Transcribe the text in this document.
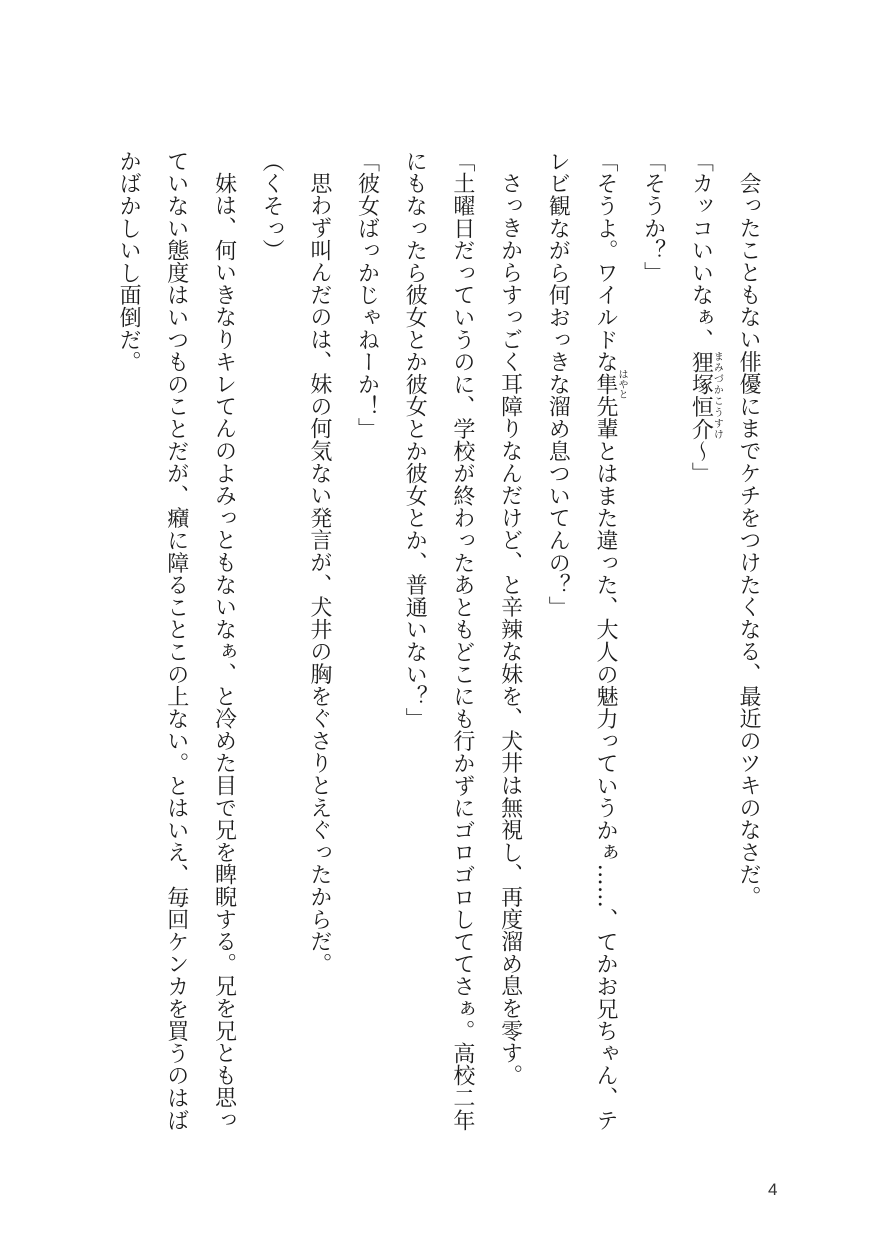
会ったこともない俳優にまでケチをつけたくなる、最近のツキのなさだ。
「カッコいいなぁ、狸塚恒介まみづかこうすけ～」
「そうか？」
「そうよ。ワイルドな隼はやと先輩とはまた違った、大人の魅力っていうかぁ……、てかお兄ちゃん、テ
レビ観ながら何おっきな溜め息ついてんの？」
さっきからすっごく耳障りなんだけど、と辛辣な妹を、犬井は無視し、再度溜め息を零す。
「土曜日だっていうのに、学校が終わったあともどこにも行かずにゴロゴロしててさぁ。高校二年
にもなったら彼女とか彼女とか彼女とか、普通いない？」
「彼女ばっかじゃねーか！」
思わず叫んだのは、妹の何気ない発言が、犬井の胸をぐさりとえぐったからだ。
（くそっ）
妹は、何いきなりキレてんのよみっともないなぁ、と冷めた目で兄を睥睨する。兄を兄とも思っ
ていない態度はいつものことだが、癪に障ることこの上ない。とはいえ、毎回ケンカを買うのはば
かばかしいし面倒だ。
4
